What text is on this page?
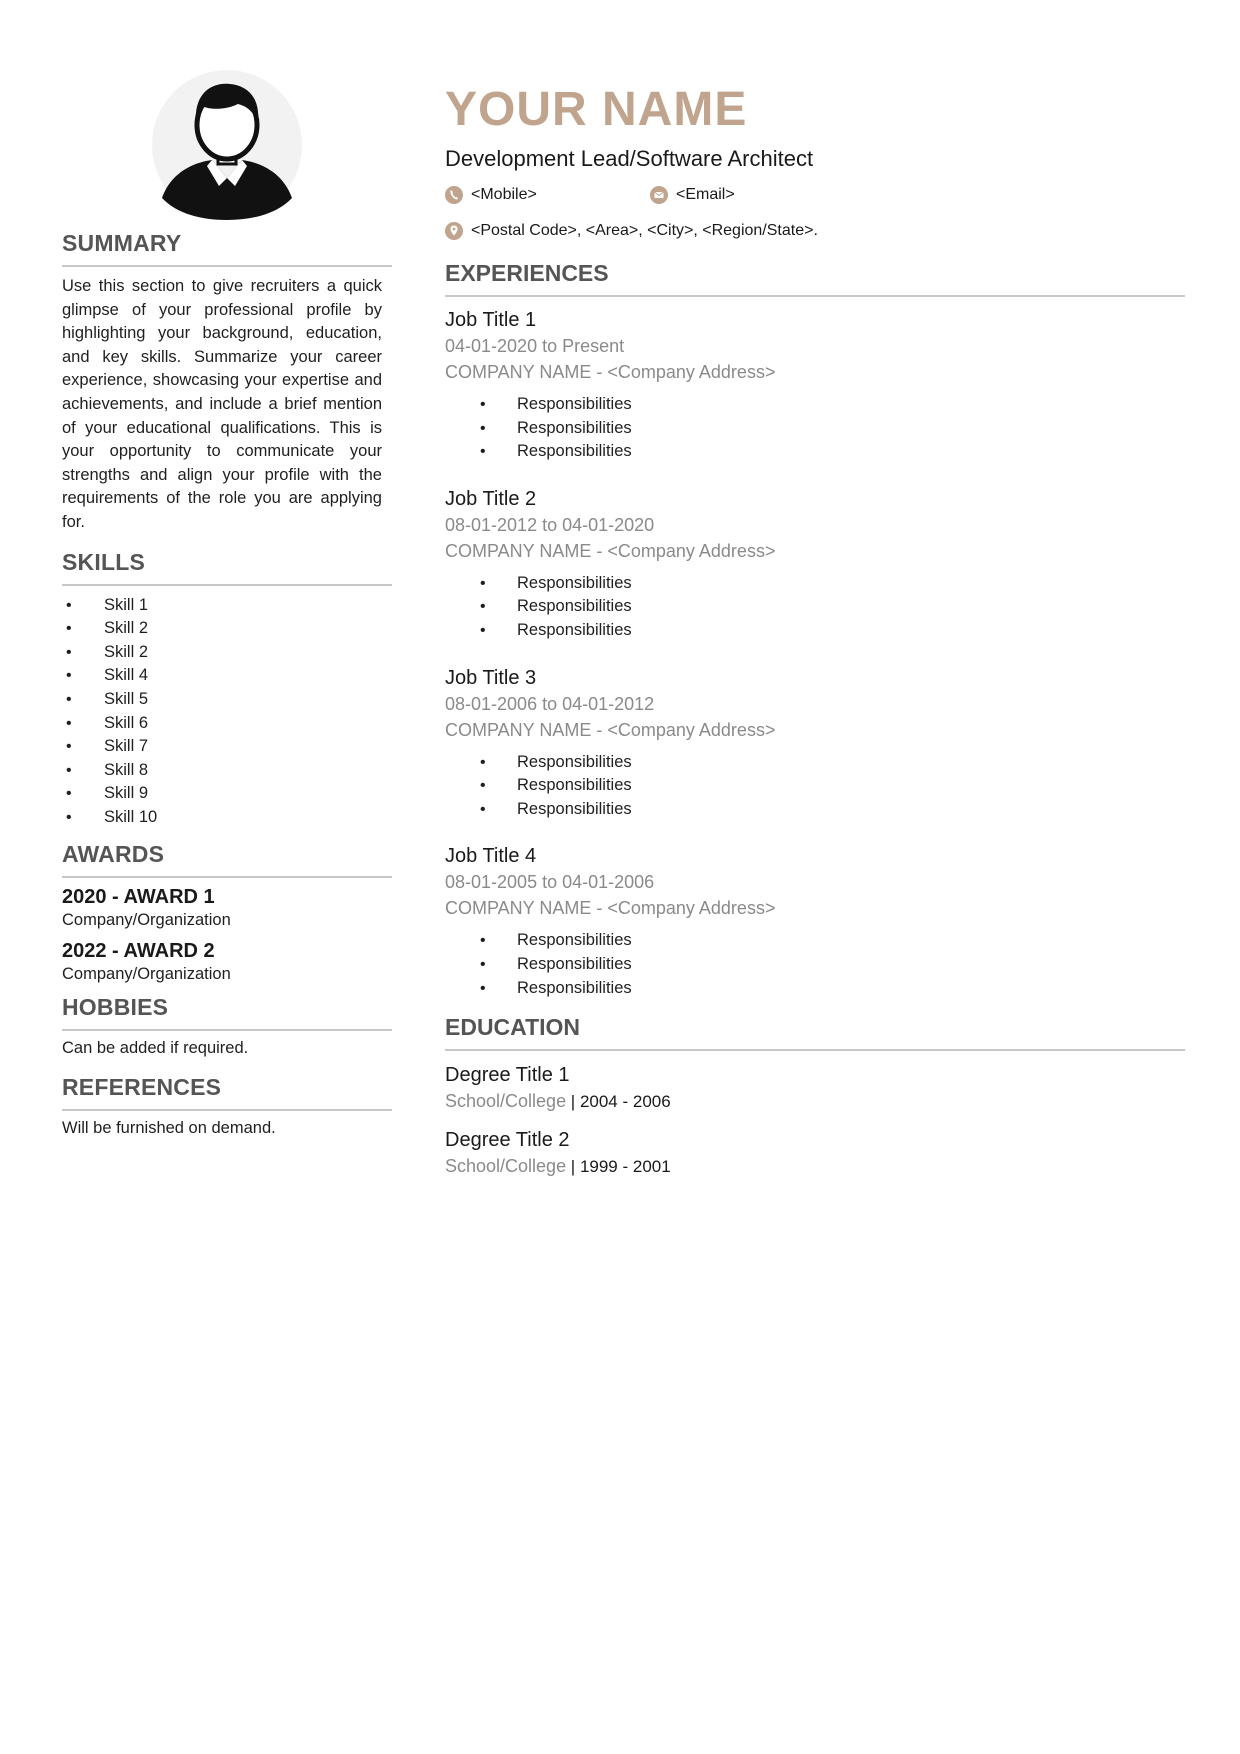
SUMMARY

Use this section to give recruiters a quick glimpse of your professional profile by highlighting your background, education, and key skills. Summarize your career experience, showcasing your expertise and achievements, and include a brief mention of your educational qualifications. This is your opportunity to communicate your strengths and align your profile with the requirements of the role you are applying for.

SKILLS
• Skill 1
• Skill 2
• Skill 2
• Skill 4
• Skill 5
• Skill 6
• Skill 7
• Skill 8
• Skill 9
• Skill 10
AWARDS
2020 - AWARD 1
Company/Organization
2022 - AWARD 2
Company/Organization
HOBBIES
Can be added if required.
REFERENCES
Will be furnished on demand.
YOUR NAME
Development Lead/Software Architect
<Mobile>	<Email>
<Postal Code>, <Area>, <City>, <Region/State>.
EXPERIENCES
Job Title 1
04-01-2020 to Present
COMPANY NAME - <Company Address>
• Responsibilities
• Responsibilities
• Responsibilities
Job Title 2
08-01-2012 to 04-01-2020
COMPANY NAME - <Company Address>
• Responsibilities
• Responsibilities
• Responsibilities
Job Title 3
08-01-2006 to 04-01-2012
COMPANY NAME - <Company Address>
• Responsibilities
• Responsibilities
• Responsibilities
Job Title 4
08-01-2005 to 04-01-2006
COMPANY NAME - <Company Address>
• Responsibilities
• Responsibilities
• Responsibilities
EDUCATION
Degree Title 1
School/College | 2004 - 2006
Degree Title 2
School/College | 1999 - 2001
